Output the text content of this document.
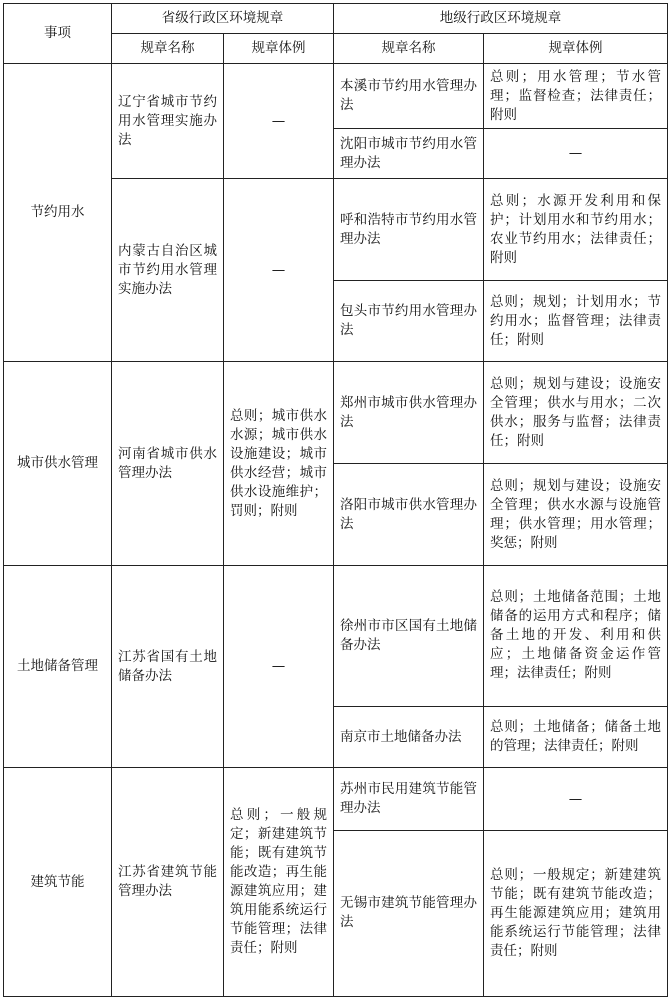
事项	省级行政区环境规章		地级行政区环境规章	
	规章名称	规章体例	规章名称	规章体例
节约用水	辽宁省城市节约用水管理实施办法	—	本溪市节约用水管理办法	总则；用水管理；节水管理；监督检查；法律责任；附则
			沈阳市城市节约用水管理办法	—
	内蒙古自治区城市节约用水管理实施办法	—	呼和浩特市节约用水管理办法	总则；水源开发利用和保护；计划用水和节约用水；农业节约用水；法律责任；附则
			包头市节约用水管理办法	总则；规划；计划用水；节约用水；监督管理；法律责任；附则
城市供水管理	河南省城市供水管理办法	总则；城市供水水源；城市供水设施建设；城市供水经营；城市供水设施维护；罚则；附则	郑州市城市供水管理办法	总则；规划与建设；设施安全管理；供水与用水；二次供水；服务与监督；法律责任；附则
			洛阳市城市供水管理办法	总则；规划与建设；设施安全管理；供水水源与设施管理；供水管理；用水管理；奖惩；附则
土地储备管理	江苏省国有土地储备办法	—	徐州市市区国有土地储备办法	总则；土地储备范围；土地储备的运用方式和程序；储备土地的开发、利用和供应；土地储备资金运作管理；法律责任；附则
			南京市土地储备办法	总则；土地储备；储备土地的管理；法律责任；附则
建筑节能	江苏省建筑节能管理办法	总则；一般规定；新建建筑节能；既有建筑节能改造；再生能源建筑应用；建筑用能系统运行节能管理；法律责任；附则	苏州市民用建筑节能管理办法	—
			无锡市建筑节能管理办法	总则；一般规定；新建建筑节能；既有建筑节能改造；再生能源建筑应用；建筑用能系统运行节能管理；法律责任；附则
